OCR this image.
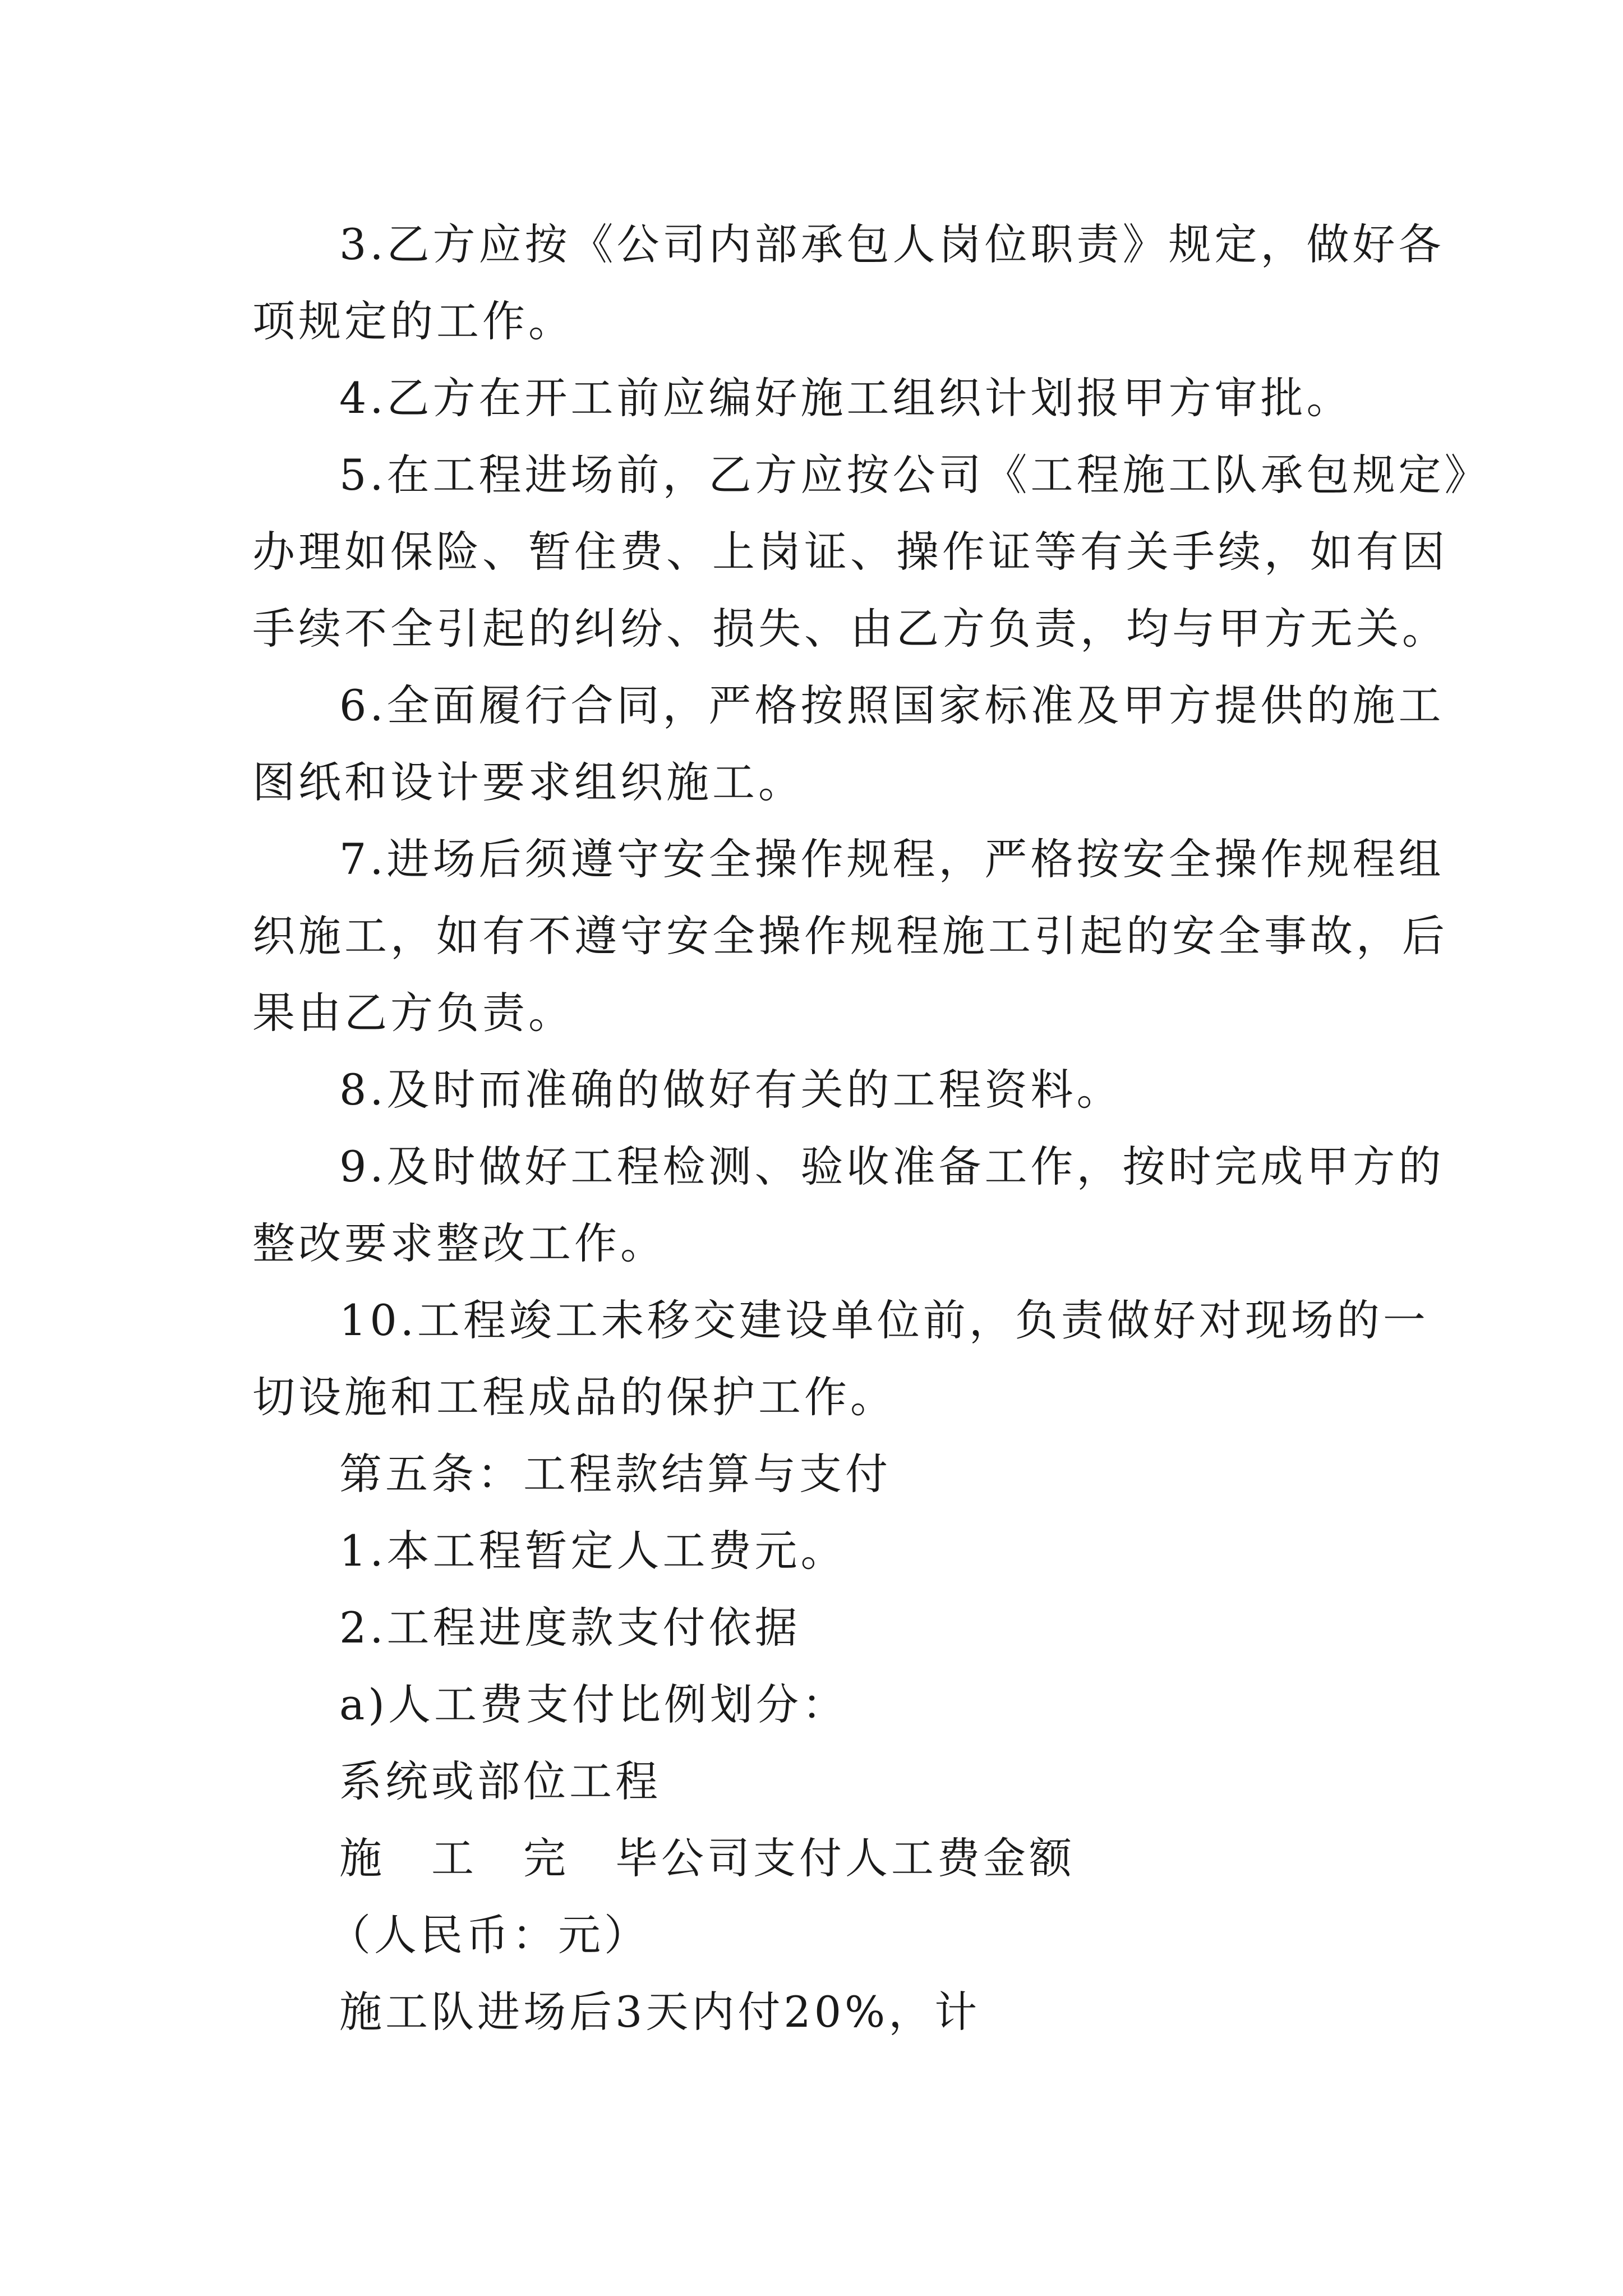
3.乙方应按《公司内部承包人岗位职责》规定，做好各
项规定的工作。
4.乙方在开工前应编好施工组织计划报甲方审批。
5.在工程进场前，乙方应按公司《工程施工队承包规定》
办理如保险、暂住费、上岗证、操作证等有关手续，如有因
手续不全引起的纠纷、损失、由乙方负责，均与甲方无关。
6.全面履行合同，严格按照国家标准及甲方提供的施工
图纸和设计要求组织施工。
7.进场后须遵守安全操作规程，严格按安全操作规程组
织施工，如有不遵守安全操作规程施工引起的安全事故，后
果由乙方负责。
8.及时而准确的做好有关的工程资料。
9.及时做好工程检测、验收准备工作，按时完成甲方的
整改要求整改工作。
10.工程竣工未移交建设单位前，负责做好对现场的一
切设施和工程成品的保护工作。
第五条：工程款结算与支付
1.本工程暂定人工费元。
2.工程进度款支付依据
a)人工费支付比例划分：
系统或部位工程
施　工　完　毕公司支付人工费金额
（人民币：元）
施工队进场后3天内付20%，计
